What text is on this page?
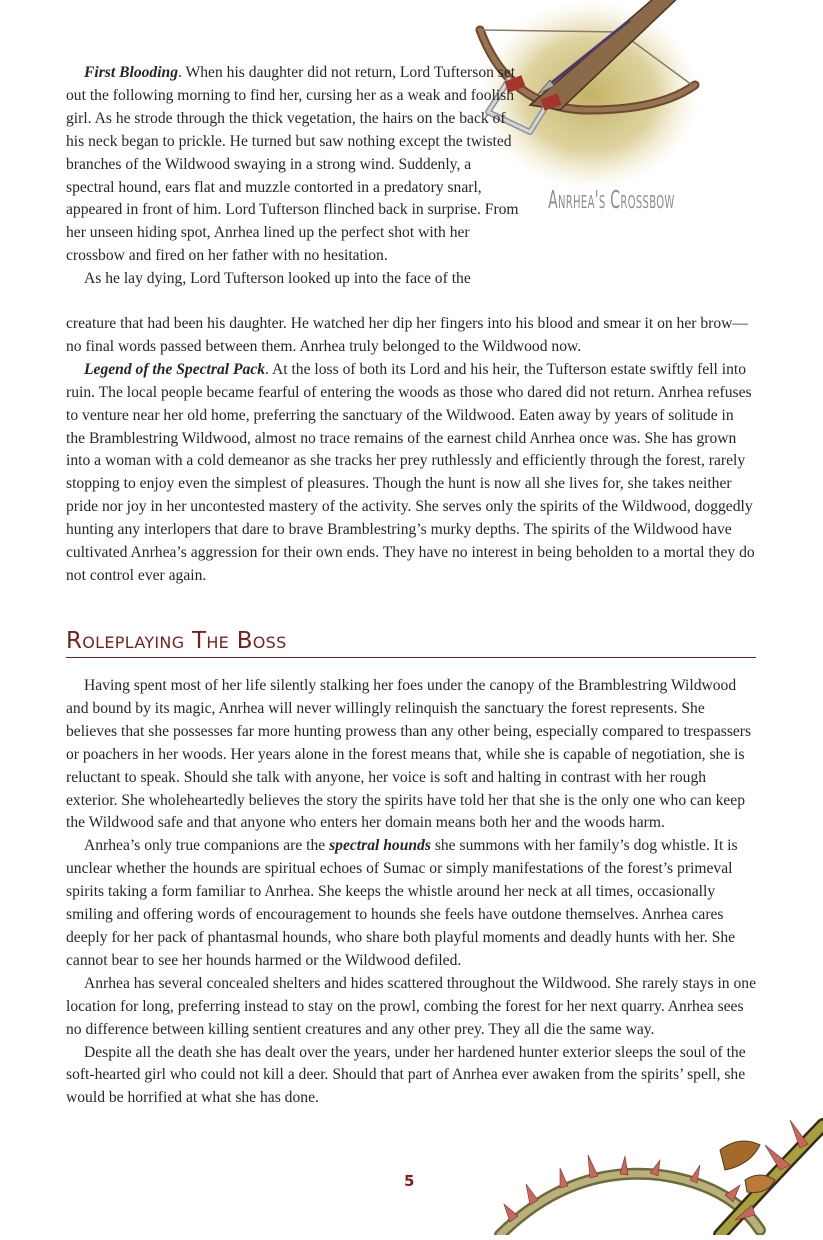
Anrhea's Crossbow

First Blooding. When his daughter did not return, Lord Tufterson set out the following morning to find her, cursing her as a weak and foolish girl. As he strode through the thick vegetation, the hairs on the back of his neck began to prickle. He turned but saw nothing except the twisted branches of the Wildwood swaying in a strong wind. Suddenly, a spectral hound, ears flat and muzzle contorted in a predatory snarl, appeared in front of him. Lord Tufterson flinched back in surprise. From her unseen hiding spot, Anrhea lined up the perfect shot with her crossbow and fired on her father with no hesitation.

As he lay dying, Lord Tufterson looked up into the face of the

creature that had been his daughter. He watched her dip her fingers into his blood and smear it on her brow—no final words passed between them. Anrhea truly belonged to the Wildwood now.

Legend of the Spectral Pack. At the loss of both its Lord and his heir, the Tufterson estate swiftly fell into ruin. The local people became fearful of entering the woods as those who dared did not return. Anrhea refuses to venture near her old home, preferring the sanctuary of the Wildwood. Eaten away by years of solitude in the Bramblestring Wildwood, almost no trace remains of the earnest child Anrhea once was. She has grown into a woman with a cold demeanor as she tracks her prey ruthlessly and efficiently through the forest, rarely stopping to enjoy even the simplest of pleasures. Though the hunt is now all she lives for, she takes neither pride nor joy in her uncontested mastery of the activity. She serves only the spirits of the Wildwood, doggedly hunting any interlopers that dare to brave Bramblestring’s murky depths. The spirits of the Wildwood have cultivated Anrhea’s aggression for their own ends. They have no interest in being beholden to a mortal they do not control ever again.

Roleplaying The Boss

Having spent most of her life silently stalking her foes under the canopy of the Bramblestring Wildwood and bound by its magic, Anrhea will never willingly relinquish the sanctuary the forest represents. She believes that she possesses far more hunting prowess than any other being, especially compared to trespassers or poachers in her woods. Her years alone in the forest means that, while she is capable of negotiation, she is reluctant to speak. Should she talk with anyone, her voice is soft and halting in contrast with her rough exterior. She wholeheartedly believes the story the spirits have told her that she is the only one who can keep the Wildwood safe and that anyone who enters her domain means both her and the woods harm.

Anrhea’s only true companions are the spectral hounds she summons with her family’s dog whistle. It is unclear whether the hounds are spiritual echoes of Sumac or simply manifestations of the forest’s primeval spirits taking a form familiar to Anrhea. She keeps the whistle around her neck at all times, occasionally smiling and offering words of encouragement to hounds she feels have outdone themselves. Anrhea cares deeply for her pack of phantasmal hounds, who share both playful moments and deadly hunts with her. She cannot bear to see her hounds harmed or the Wildwood defiled.

Anrhea has several concealed shelters and hides scattered throughout the Wildwood. She rarely stays in one location for long, preferring instead to stay on the prowl, combing the forest for her next quarry. Anrhea sees no difference between killing sentient creatures and any other prey. They all die the same way.

Despite all the death she has dealt over the years, under her hardened hunter exterior sleeps the soul of the soft-hearted girl who could not kill a deer. Should that part of Anrhea ever awaken from the spirits’ spell, she would be horrified at what she has done.

5
